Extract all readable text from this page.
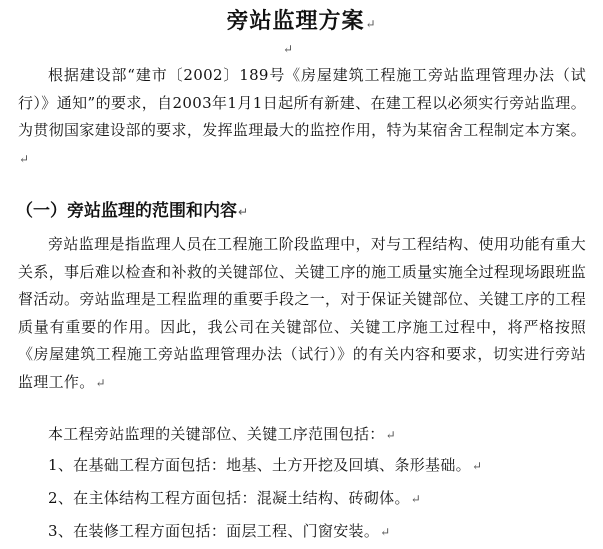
旁站监理方案↵
↵
根据建设部“建市〔2002〕189号《房屋建筑工程施工旁站监理管理办法（试行）》通知”的要求，自2003年1月1日起所有新建、在建工程以必须实行旁站监理。为贯彻国家建设部的要求，发挥监理最大的监控作用，特为某宿舍工程制定本方案。↵
（一）旁站监理的范围和内容↵
旁站监理是指监理人员在工程施工阶段监理中，对与工程结构、使用功能有重大关系，事后难以检查和补救的关键部位、关键工序的施工质量实施全过程现场跟班监督活动。旁站监理是工程监理的重要手段之一，对于保证关键部位、关键工序的工程质量有重要的作用。因此，我公司在关键部位、关键工序施工过程中，将严格按照《房屋建筑工程施工旁站监理管理办法（试行）》的有关内容和要求，切实进行旁站监理工作。↵
本工程旁站监理的关键部位、关键工序范围包括：↵
1、在基础工程方面包括：地基、土方开挖及回填、条形基础。↵
2、在主体结构工程方面包括：混凝土结构、砖砌体。↵
3、在装修工程方面包括：面层工程、门窗安装。↵
